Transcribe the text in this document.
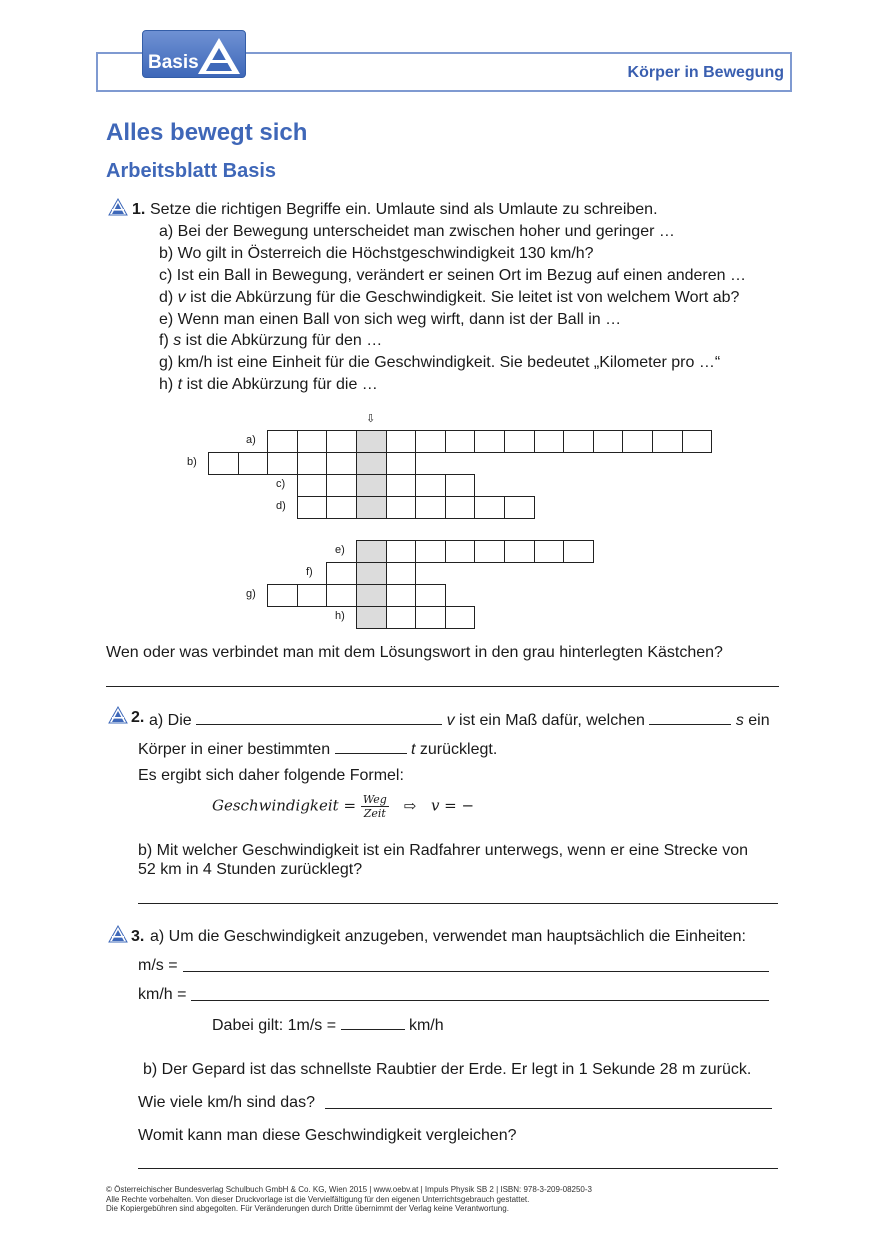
Basis	Körper in Bewegung
Alles bewegt sich
Arbeitsblatt Basis
1. Setze die richtigen Begriffe ein. Umlaute sind als Umlaute zu schreiben.
a) Bei der Bewegung unterscheidet man zwischen hoher und geringer …
b) Wo gilt in Österreich die Höchstgeschwindigkeit 130 km/h?
c) Ist ein Ball in Bewegung, verändert er seinen Ort im Bezug auf einen anderen …
d) v ist die Abkürzung für die Geschwindigkeit. Sie leitet ist von welchem Wort ab?
e) Wenn man einen Ball von sich weg wirft, dann ist der Ball in …
f) s ist die Abkürzung für den …
g) km/h ist eine Einheit für die Geschwindigkeit. Sie bedeutet „Kilometer pro …“
h) t ist die Abkürzung für die …
⇩
a)
b)
c)
d)
e)
f)
g)
h)
Wen oder was verbindet man mit dem Lösungswort in den grau hinterlegten Kästchen?
2. a) Die	v ist ein Maß dafür, welchen	s ein
Körper in einer bestimmten	t zurücklegt.
Es ergibt sich daher folgende Formel:
Geschwindigkeit = $\frac{\text{Weg}}{\text{Zeit}}$ ⇨ v = −
b) Mit welcher Geschwindigkeit ist ein Radfahrer unterwegs, wenn er eine Strecke von
52 km in 4 Stunden zurücklegt?
3. a) Um die Geschwindigkeit anzugeben, verwendet man hauptsächlich die Einheiten:
m/s =
km/h =
Dabei gilt: 1m/s =	km/h
b) Der Gepard ist das schnellste Raubtier der Erde. Er legt in 1 Sekunde 28 m zurück.
Wie viele km/h sind das?
Womit kann man diese Geschwindigkeit vergleichen?
© Österreichischer Bundesverlag Schulbuch GmbH & Co. KG, Wien 2015 | www.oebv.at | Impuls Physik SB 2 | ISBN: 978-3-209-08250-3
Alle Rechte vorbehalten. Von dieser Druckvorlage ist die Vervielfältigung für den eigenen Unterrichtsgebrauch gestattet.
Die Kopiergebühren sind abgegolten. Für Veränderungen durch Dritte übernimmt der Verlag keine Verantwortung.
